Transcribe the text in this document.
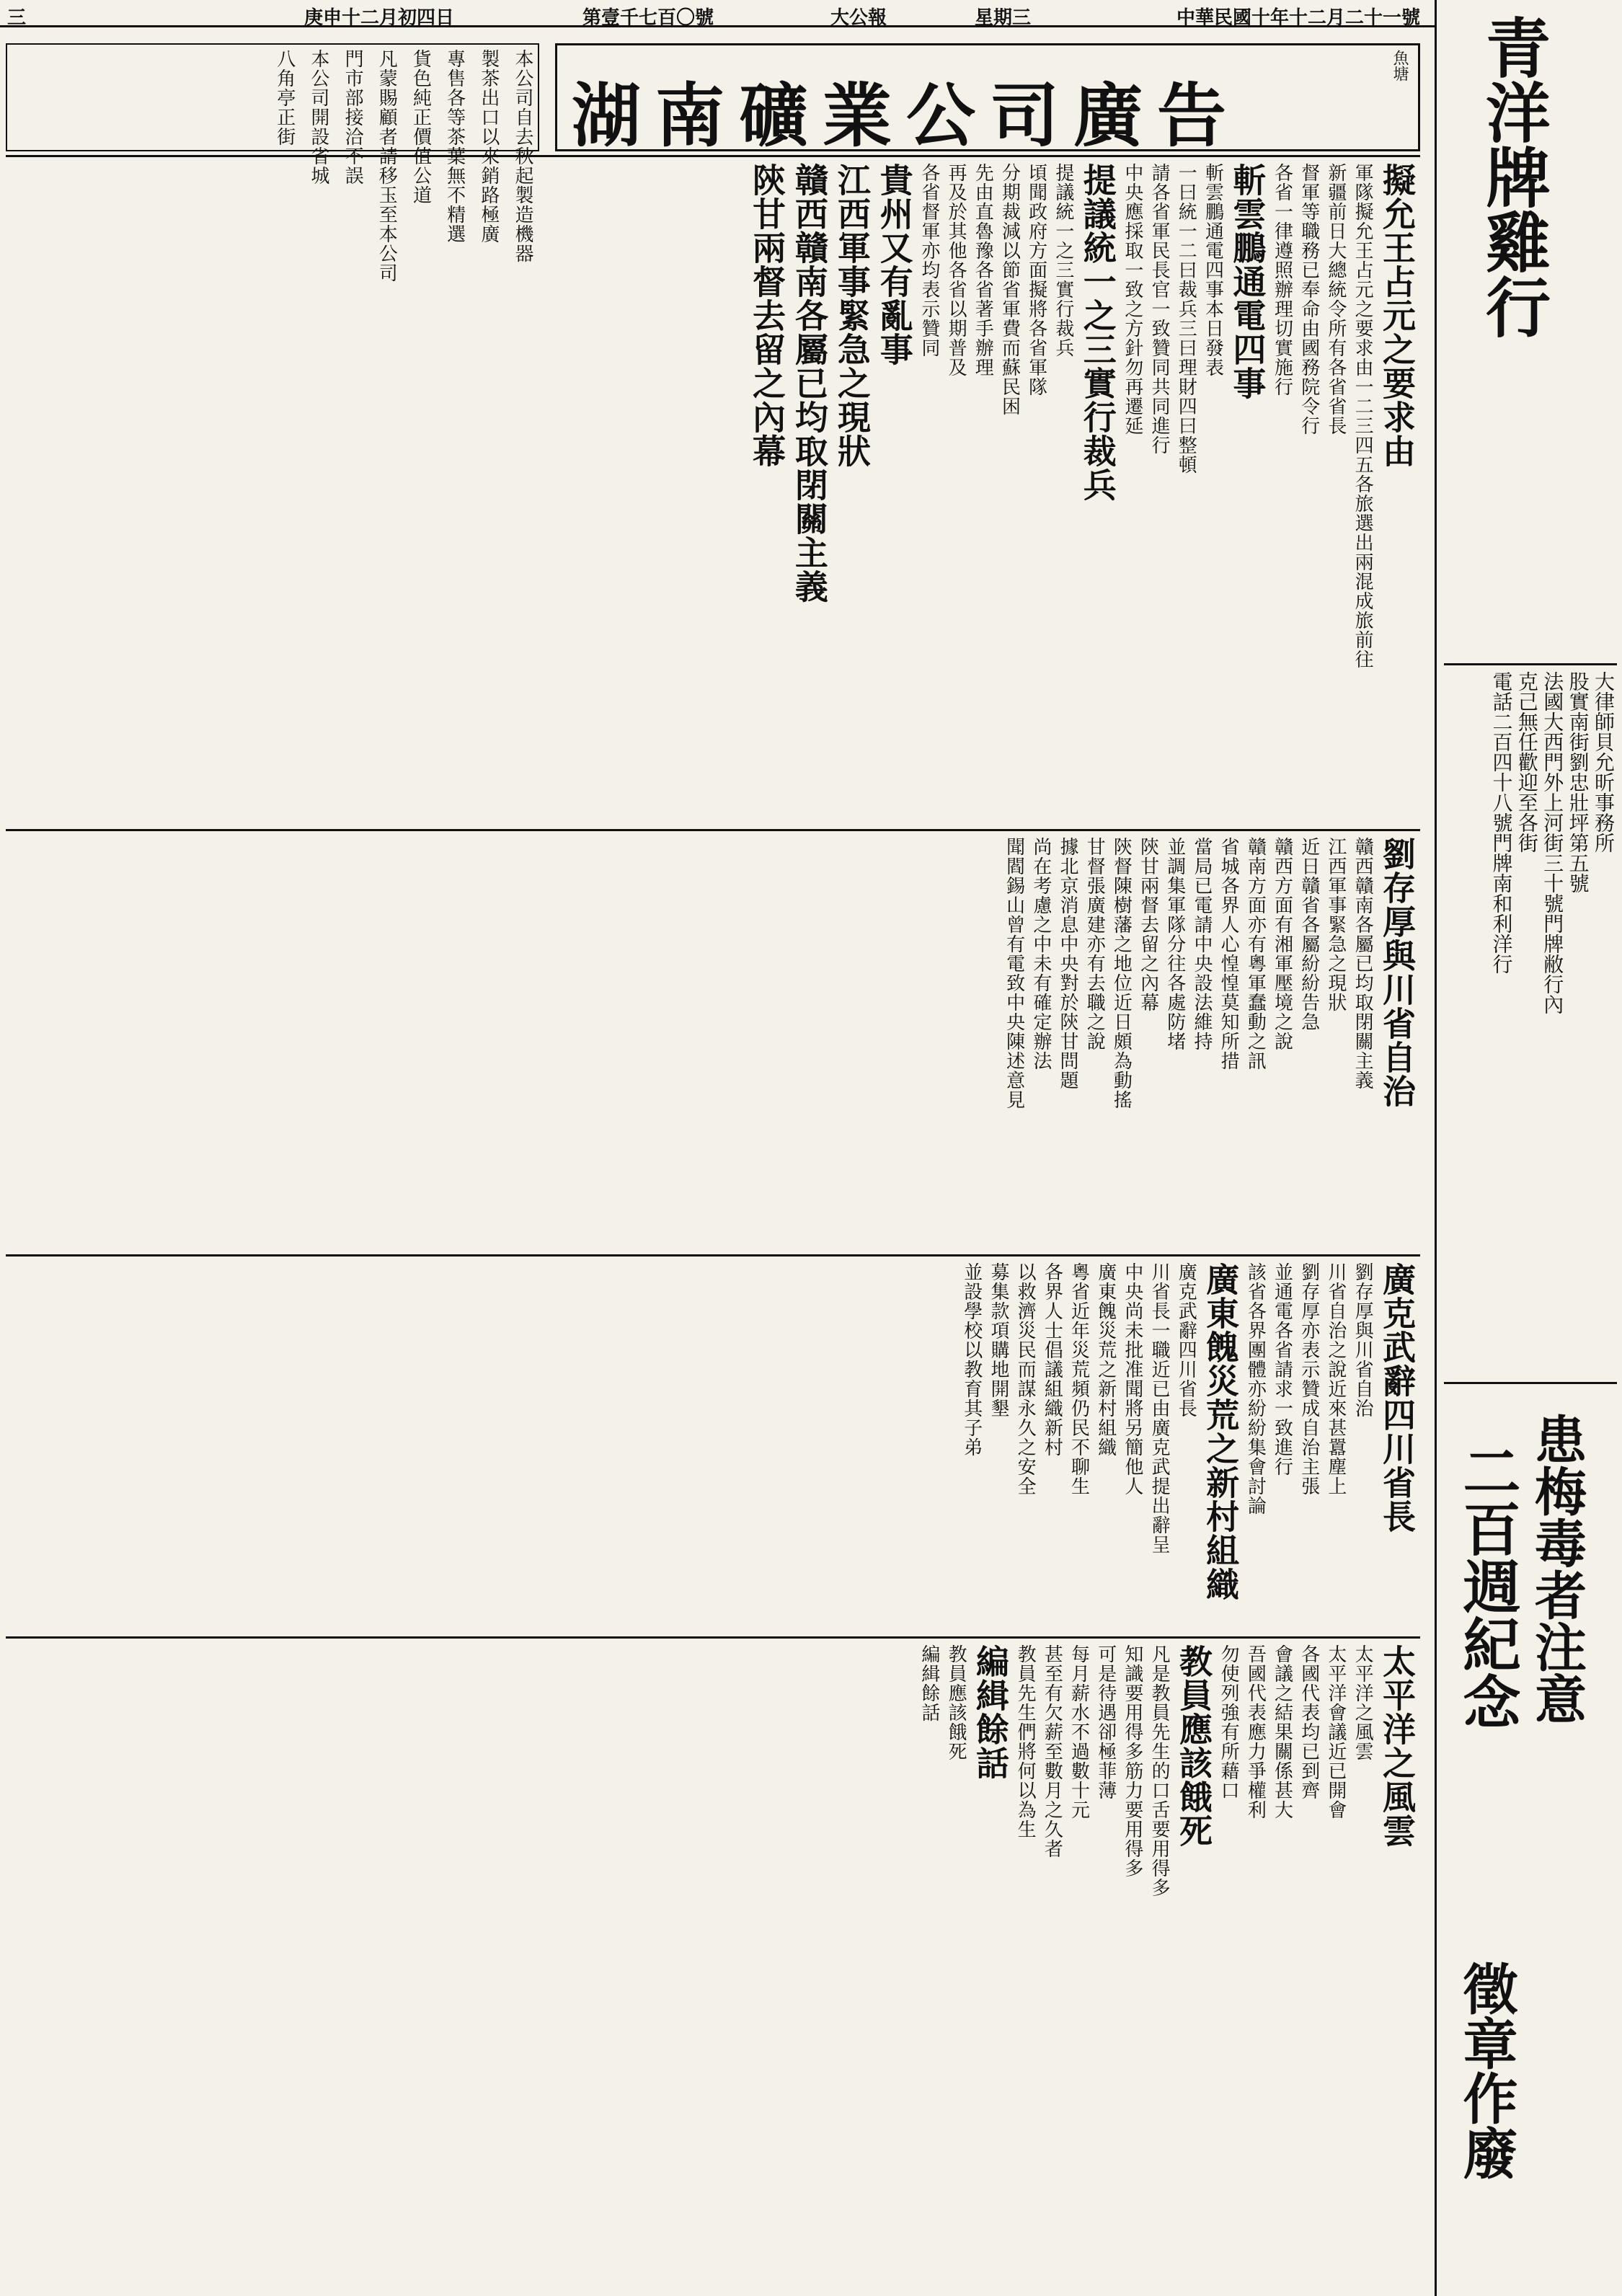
中華民國十年十二月二十一號
星期三
大公報
第壹千七百〇號
庚申十二月初四日
三	青洋牌雞行
大律師貝允昕事務所
股實南街劉忠壯坪第五號
法國大西門外上河街三十號門牌敝行內
克己無任歡迎至各街
電話二百四十八號門牌南和利洋行
患梅毒者注意
二百週紀念
徵章作廢
湖南礦業公司廣告
魚塘
本公司自去秋起製造機器
製茶出口以來銷路極廣
專售各等茶葉無不精選
貨色純正價值公道
凡蒙賜顧者請移玉至本公司
門市部接洽不誤
本公司開設省城
八角亭正街
擬允王占元之要求由
軍隊擬允王占元之要求由一二三四五各旅選出兩混成旅前往
新疆前日大總統令所有各省省長
督軍等職務已奉命由國務院令行
各省一律遵照辦理切實施行
斬雲鵬通電四事
斬雲鵬通電四事本日發表
一曰統一二曰裁兵三曰理財四曰整頓
請各省軍民長官一致贊同共同進行
中央應採取一致之方針勿再遷延
提議統一之三實行裁兵
提議統一之三實行裁兵
頃聞政府方面擬將各省軍隊
分期裁減以節省軍費而蘇民困
先由直魯豫各省著手辦理
再及於其他各省以期普及
各省督軍亦均表示贊同
貴州又有亂事
江西軍事緊急之現狀
贛西贛南各屬已均取閉關主義
陝甘兩督去留之內幕
劉存厚與川省自治
贛西贛南各屬已均取閉關主義
江西軍事緊急之現狀
近日贛省各屬紛紛告急
贛西方面有湘軍壓境之說
贛南方面亦有粵軍蠢動之訊
省城各界人心惶惶莫知所措
當局已電請中央設法維持
並調集軍隊分往各處防堵
陝甘兩督去留之內幕
陝督陳樹藩之地位近日頗為動搖
甘督張廣建亦有去職之說
據北京消息中央對於陝甘問題
尚在考慮之中未有確定辦法
聞閻錫山曾有電致中央陳述意見
廣克武辭四川省長
劉存厚與川省自治
川省自治之說近來甚囂塵上
劉存厚亦表示贊成自治主張
並通電各省請求一致進行
該省各界團體亦紛紛集會討論
廣東餽災荒之新村組織
廣克武辭四川省長
川省長一職近已由廣克武提出辭呈
中央尚未批准聞將另簡他人
廣東餽災荒之新村組織
粵省近年災荒頻仍民不聊生
各界人士倡議組織新村
以救濟災民而謀永久之安全
募集款項購地開墾
並設學校以教育其子弟
太平洋之風雲
太平洋之風雲
太平洋會議近已開會
各國代表均已到齊
會議之結果關係甚大
吾國代表應力爭權利
勿使列強有所藉口
教員應該餓死
凡是教員先生的口舌要用得多
知識要用得多筋力要用得多
可是待遇卻極菲薄
每月薪水不過數十元
甚至有欠薪至數月之久者
教員先生們將何以為生
編緝餘話
教員應該餓死
編緝餘話
